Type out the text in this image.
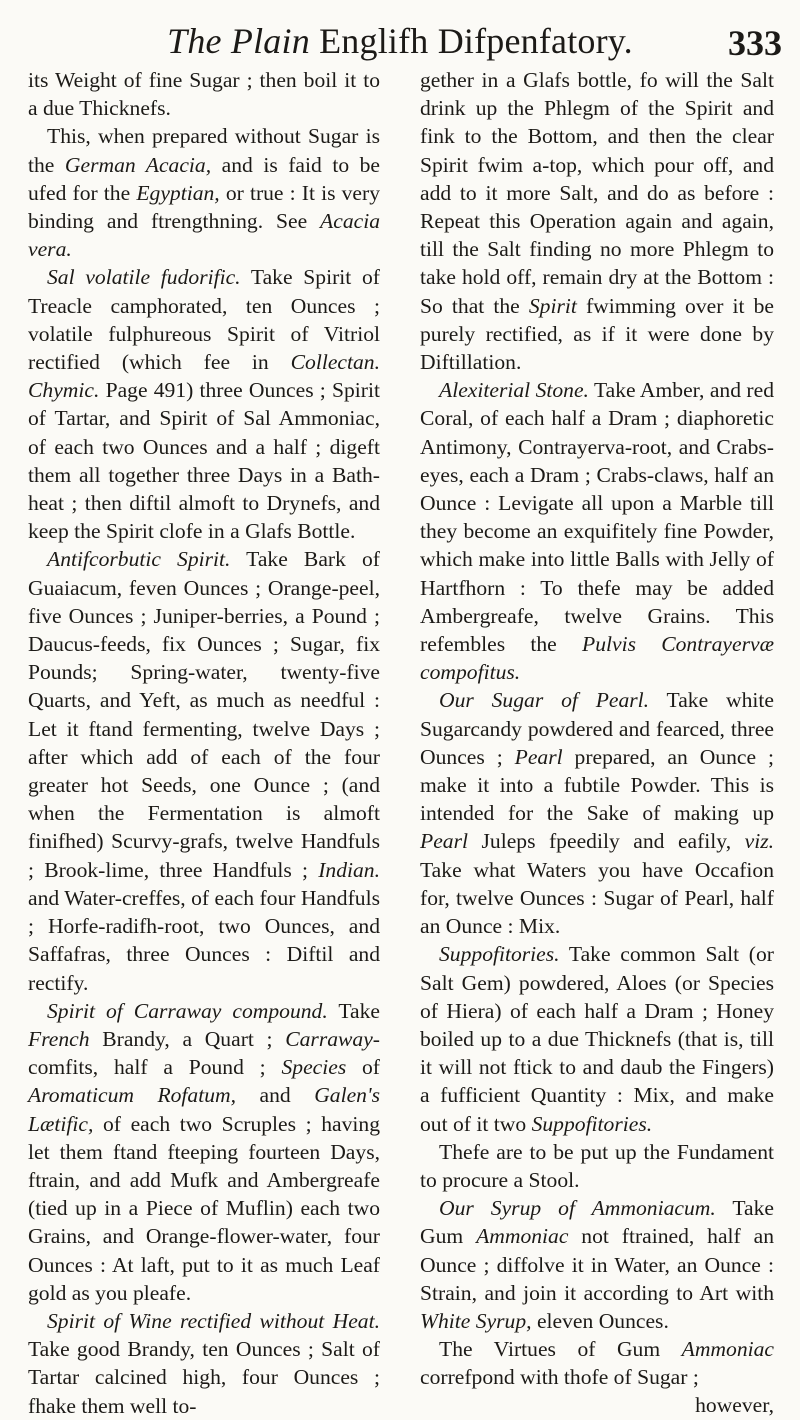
The Plain Englifh Difpenfatory.	333

its Weight of fine Sugar ; then boil it to a due Thicknefs.

This, when prepared without Sugar is the German Acacia, and is faid to be ufed for the Egyptian, or true : It is very binding and ftrengthning. See Acacia vera.

Sal volatile fudorific. Take Spirit of Treacle camphorated, ten Ounces ; volatile fulphureous Spirit of Vitriol rectified (which fee in Collectan. Chymic. Page 491) three Ounces ; Spirit of Tartar, and Spirit of Sal Ammoniac, of each two Ounces and a half ; digeft them all together three Days in a Bath-heat ; then diftil almoft to Drynefs, and keep the Spirit clofe in a Glafs Bottle.

Antifcorbutic Spirit. Take Bark of Guaiacum, feven Ounces ; Orange-peel, five Ounces ; Juniper-berries, a Pound ; Daucus-feeds, fix Ounces ; Sugar, fix Pounds; Spring-water, twenty-five Quarts, and Yeft, as much as needful : Let it ftand fermenting, twelve Days ; after which add of each of the four greater hot Seeds, one Ounce ; (and when the Fermentation is almoft finifhed) Scurvy-grafs, twelve Handfuls ; Brook-lime, three Handfuls ; Indian. and Water-creffes, of each four Handfuls ; Horfe-radifh-root, two Ounces, and Saffafras, three Ounces : Diftil and rectify.

Spirit of Carraway compound. Take French Brandy, a Quart ; Carraway-comfits, half a Pound ; Species of Aromaticum Rofatum, and Galen's Lætific, of each two Scruples ; having let them ftand fteeping fourteen Days, ftrain, and add Mufk and Ambergreafe (tied up in a Piece of Muflin) each two Grains, and Orange-flower-water, four Ounces : At laft, put to it as much Leaf gold as you pleafe.

Spirit of Wine rectified without Heat. Take good Brandy, ten Ounces ; Salt of Tartar calcined high, four Ounces ; fhake them well to-

gether in a Glafs bottle, fo will the Salt drink up the Phlegm of the Spirit and fink to the Bottom, and then the clear Spirit fwim a-top, which pour off, and add to it more Salt, and do as before : Repeat this Operation again and again, till the Salt finding no more Phlegm to take hold off, remain dry at the Bottom : So that the Spirit fwimming over it be purely rectified, as if it were done by Diftillation.

Alexiterial Stone. Take Amber, and red Coral, of each half a Dram ; diaphoretic Antimony, Contrayerva-root, and Crabs-eyes, each a Dram ; Crabs-claws, half an Ounce : Levigate all upon a Marble till they become an exquifitely fine Powder, which make into little Balls with Jelly of Hartfhorn : To thefe may be added Ambergreafe, twelve Grains. This refembles the Pulvis Contrayervæ compofitus.

Our Sugar of Pearl. Take white Sugarcandy powdered and fearced, three Ounces ; Pearl prepared, an Ounce ; make it into a fubtile Powder. This is intended for the Sake of making up Pearl Juleps fpeedily and eafily, viz. Take what Waters you have Occafion for, twelve Ounces : Sugar of Pearl, half an Ounce : Mix.

Suppofitories. Take common Salt (or Salt Gem) powdered, Aloes (or Species of Hiera) of each half a Dram ; Honey boiled up to a due Thicknefs (that is, till it will not ftick to and daub the Fingers) a fufficient Quantity : Mix, and make out of it two Suppofitories.

Thefe are to be put up the Fundament to procure a Stool.

Our Syrup of Ammoniacum. Take Gum Ammoniac not ftrained, half an Ounce ; diffolve it in Water, an Ounce : Strain, and join it according to Art with White Syrup, eleven Ounces.

The Virtues of Gum Ammoniac correfpond with thofe of Sugar ;

however,
